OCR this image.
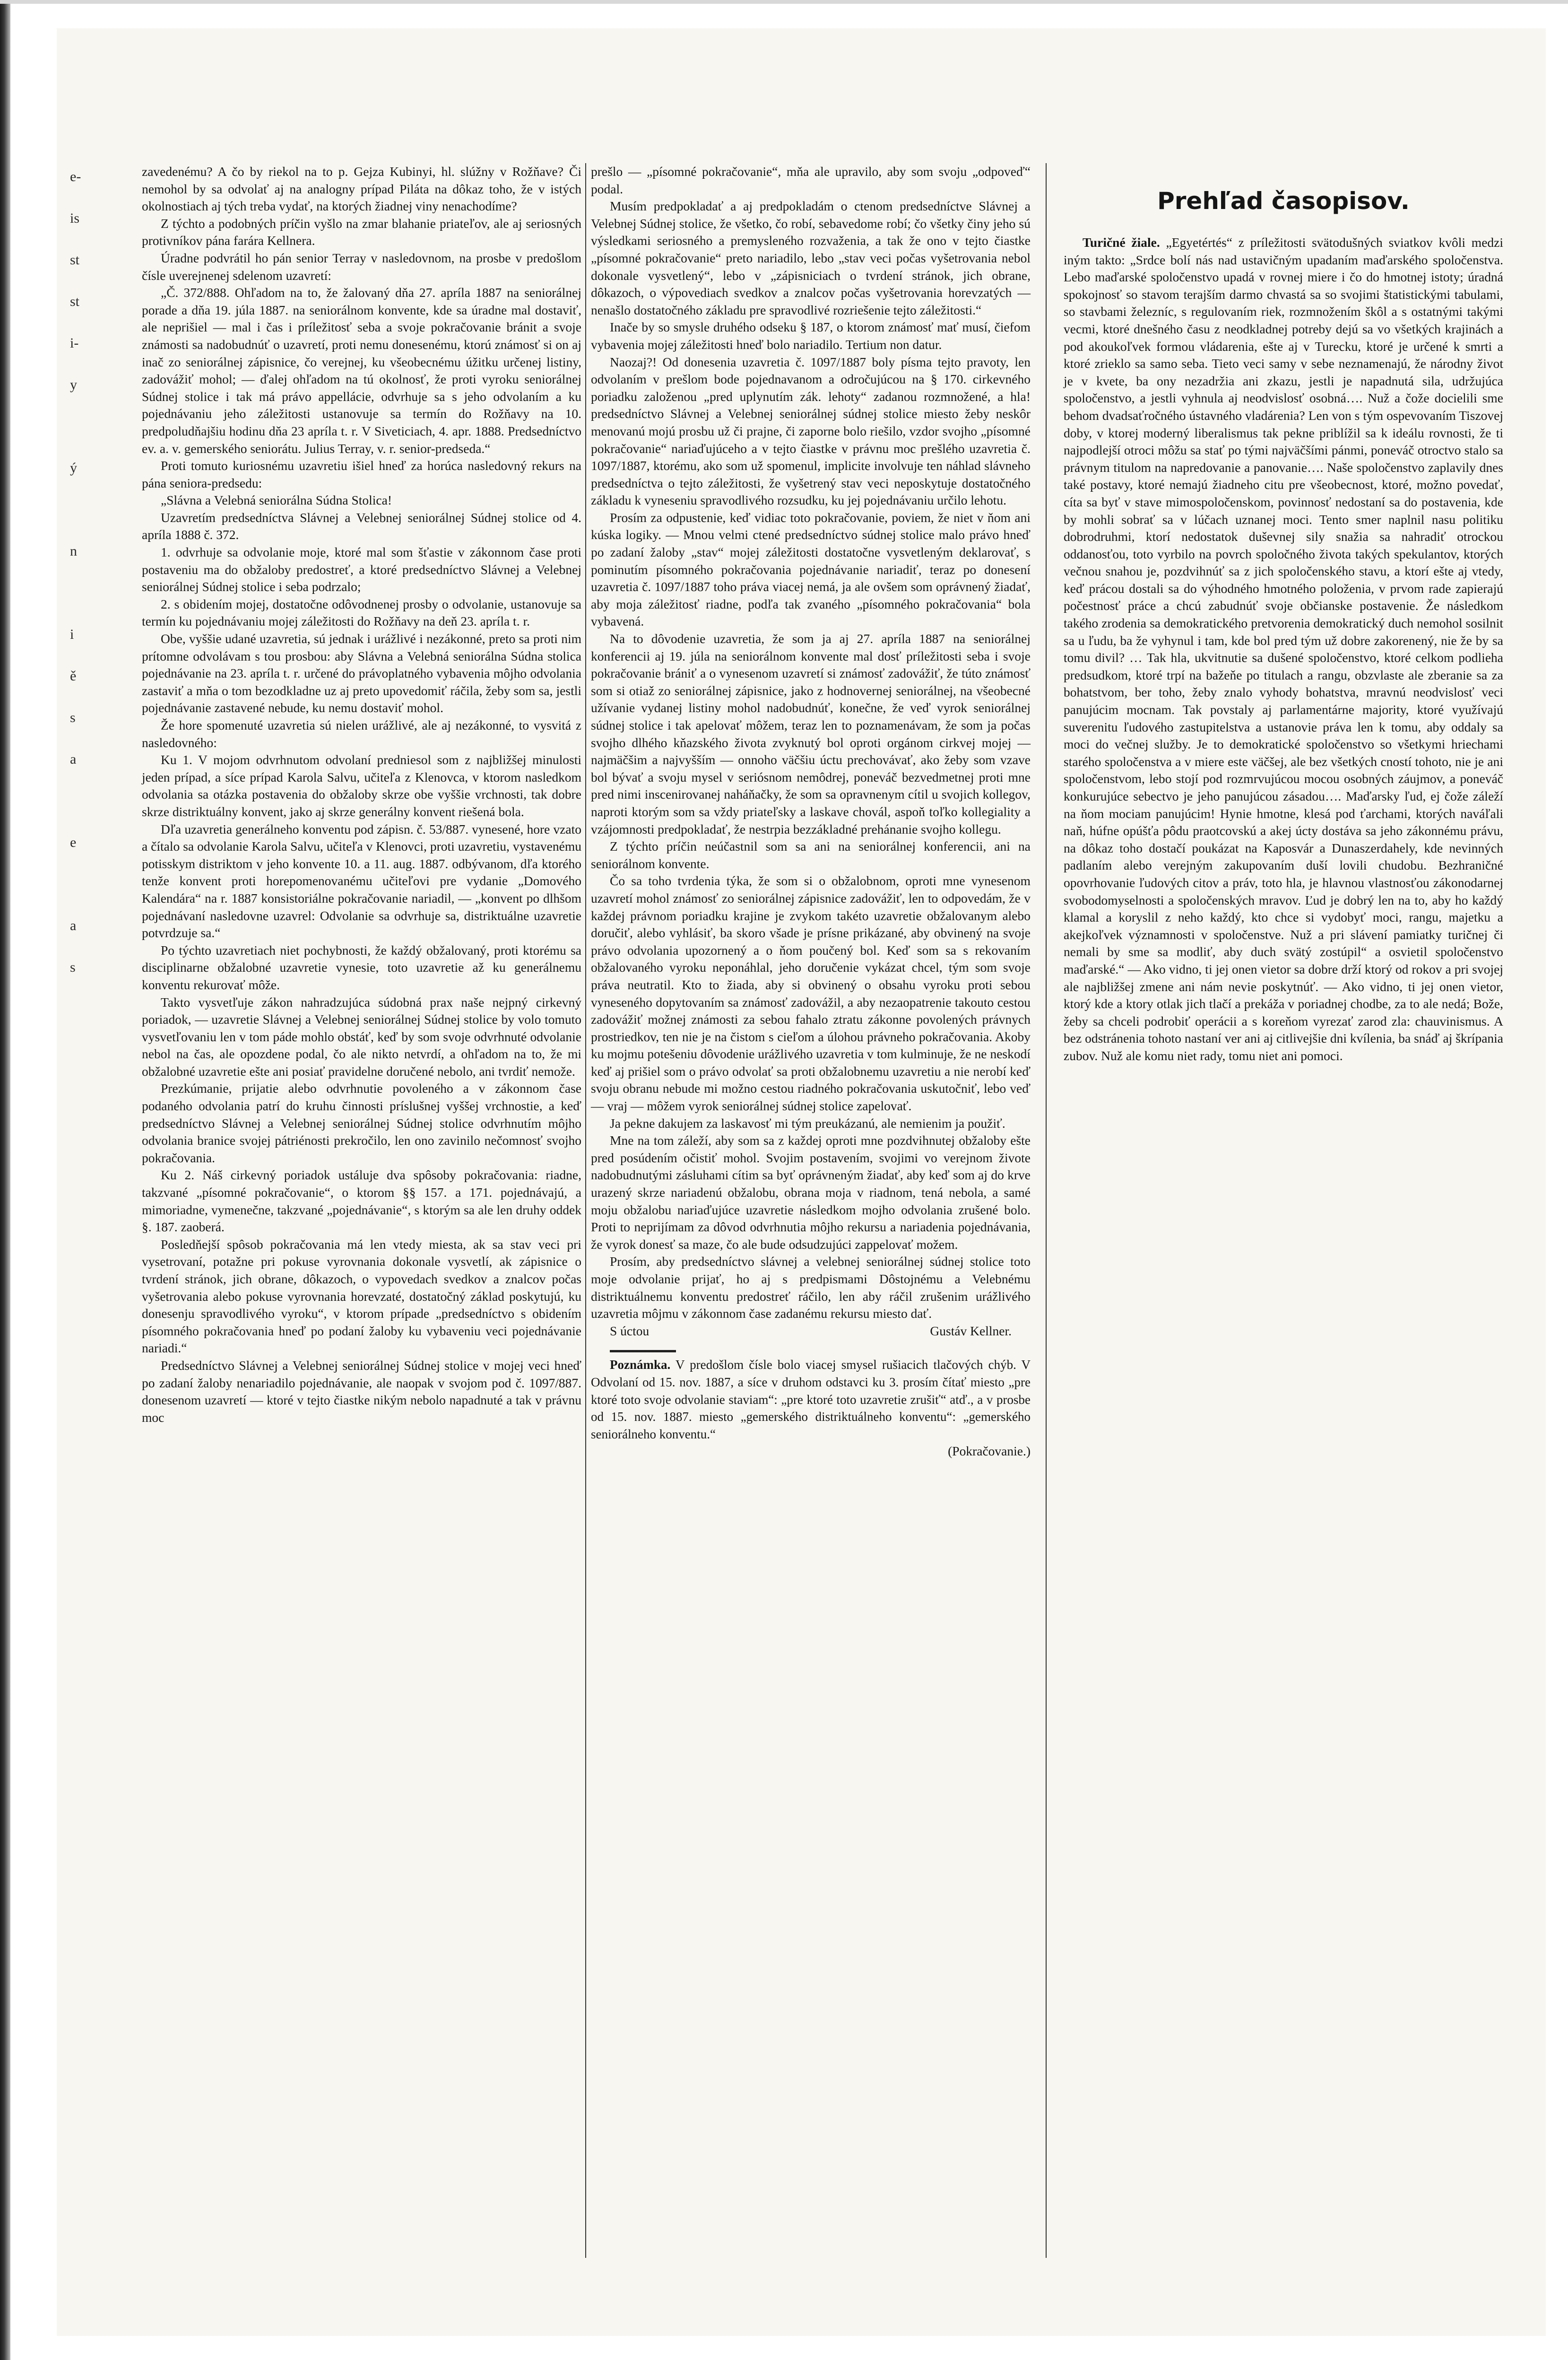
e-
is
st
st
i-
y
ý
n
i
ě
s
a
e
a
s

zavedenému? A čo by riekol na to p. Gejza Kubinyi, hl. slúžny v Rožňave? Či nemohol by sa odvolať aj na analogny prípad Piláta na dôkaz toho, že v istých okolnostiach aj tých treba vydať, na ktorých žiadnej viny nenachodíme?

Z týchto a podobných príčin vyšlo na zmar blahanie priateľov, ale aj seriosných protivníkov pána farára Kellnera.

Úradne podvrátil ho pán senior Terray v nasledovnom, na prosbe v predošlom čísle uverejnenej sdelenom uzavretí:

„Č. 372/888. Ohľadom na to, že žalovaný dňa 27. apríla 1887 na seniorálnej porade a dňa 19. júla 1887. na seniorálnom konvente, kde sa úradne mal dostaviť, ale neprišiel — mal i čas i príležitosť seba a svoje pokračovanie bránit a svoje známosti sa nadobudnúť o uzavretí, proti nemu donesenému, ktorú známosť si on aj inač zo seniorálnej zápisnice, čo verejnej, ku všeobecnému úžitku určenej listiny, zadovážiť mohol; — ďalej ohľadom na tú okolnosť, že proti vyroku seniorálnej Súdnej stolice i tak má právo appellácie, odvrhuje sa s jeho odvolaním a ku pojednávaniu jeho záležitosti ustanovuje sa termín do Rožňavy na 10. predpoludňajšiu hodinu dňa 23 apríla t. r. V Siveticiach, 4. apr. 1888. Predsedníctvo ev. a. v. gemerského seniorátu. Julius Terray, v. r. senior-predseda.“

Proti tomuto kuriosnému uzavretiu išiel hneď za horúca nasledovný rekurs na pána seniora-predsedu:

„Slávna a Velebná seniorálna Súdna Stolica!

Uzavretím predsedníctva Slávnej a Velebnej seniorálnej Súdnej stolice od 4. apríla 1888 č. 372.

1. odvrhuje sa odvolanie moje, ktoré mal som šťastie v zákonnom čase proti postaveniu ma do obžaloby predostreť, a ktoré predsedníctvo Slávnej a Velebnej seniorálnej Súdnej stolice i seba podrzalo;

2. s obidením mojej, dostatočne odôvodnenej prosby o odvolanie, ustanovuje sa termín ku pojednávaniu mojej záležitosti do Rožňavy na deň 23. apríla t. r.

Obe, vyššie udané uzavretia, sú jednak i urážlivé i nezákonné, preto sa proti nim prítomne odvolávam s tou prosbou: aby Slávna a Velebná seniorálna Súdna stolica pojednávanie na 23. apríla t. r. určené do právoplatného vybavenia môjho odvolania zastaviť a mňa o tom bezodkladne uz aj preto upovedomiť ráčila, žeby som sa, jestli pojednávanie zastavené nebude, ku nemu dostaviť mohol.

Že hore spomenuté uzavretia sú nielen urážlivé, ale aj nezákonné, to vysvitá z nasledovného:

Ku 1. V mojom odvrhnutom odvolaní predniesol som z najbližšej minulosti jeden prípad, a síce prípad Karola Salvu, učiteľa z Klenovca, v ktorom nasledkom odvolania sa otázka postavenia do obžaloby skrze obe vyššie vrchnosti, tak dobre skrze distriktuálny konvent, jako aj skrze generálny konvent riešená bola.

Dľa uzavretia generálneho konventu pod zápisn. č. 53/887. vynesené, hore vzato a čítalo sa odvolanie Karola Salvu, učiteľa v Klenovci, proti uzavretiu, vystavenému potisskym distriktom v jeho konvente 10. a 11. aug. 1887. odbývanom, dľa ktorého tenže konvent proti horepomenovanému učiteľovi pre vydanie „Domového Kalendára“ na r. 1887 konsistoriálne pokračovanie nariadil, — „konvent po dlhšom pojednávaní nasledovne uzavrel: Odvolanie sa odvrhuje sa, distriktuálne uzavretie potvrdzuje sa.“

Po týchto uzavretiach niet pochybnosti, že každý obžalovaný, proti ktorému sa disciplinarne obžalobné uzavretie vynesie, toto uzavretie až ku generálnemu konventu rekurovať môže.

Takto vysvetľuje zákon nahradzujúca súdobná prax naše nejpný cirkevný poriadok, — uzavretie Slávnej a Velebnej seniorálnej Súdnej stolice by volo tomuto vysvetľovaniu len v tom páde mohlo obstáť, keď by som svoje odvrhnuté odvolanie nebol na čas, ale opozdene podal, čo ale nikto netvrdí, a ohľadom na to, že mi obžalobné uzavretie ešte ani posiať pravidelne doručené nebolo, ani tvrdiť nemože.

Prezkúmanie, prijatie alebo odvrhnutie povoleného a v zákonnom čase podaného odvolania patrí do kruhu činnosti príslušnej vyššej vrchnostie, a keď predsedníctvo Slávnej a Velebnej seniorálnej Súdnej stolice odvrhnutím môjho odvolania branice svojej pátriénosti prekročilo, len ono zavinilo nečomnosť svojho pokračovania.

Ku 2. Náš cirkevný poriadok ustáluje dva spôsoby pokračovania: riadne, takzvané „písomné pokračovanie“, o ktorom §§ 157. a 171. pojednávajú, a mimoriadne, vymenečne, takzvané „pojednávanie“, s ktorým sa ale len druhy oddek §. 187. zaoberá.

Posledňejší spôsob pokračovania má len vtedy miesta, ak sa stav veci pri vysetrovaní, potažne pri pokuse vyrovnania dokonale vysvetlí, ak zápisnice o tvrdení stránok, jich obrane, dôkazoch, o vypovedach svedkov a znalcov počas vyšetrovania alebo pokuse vyrovnania horevzaté, dostatočný základ poskytujú, ku donesenju spravodlivého vyroku“, v ktorom prípade „predsedníctvo s obidením písomného pokračovania hneď po podaní žaloby ku vybaveniu veci pojednávanie nariadi.“

Predsedníctvo Slávnej a Velebnej seniorálnej Súdnej stolice v mojej veci hneď po zadaní žaloby nenariadilo pojednávanie, ale naopak v svojom pod č. 1097/887. donesenom uzavretí — ktoré v tejto čiastke nikým nebolo napadnuté a tak v právnu moc

prešlo — „písomné pokračovanie“, mňa ale upravilo, aby som svoju „odpoveď“ podal.

Musím predpokladať a aj predpokladám o ctenom predsedníctve Slávnej a Velebnej Súdnej stolice, že všetko, čo robí, sebavedome robí; čo všetky činy jeho sú výsledkami seriosného a premysleného rozvaženia, a tak že ono v tejto čiastke „písomné pokračovanie“ preto nariadilo, lebo „stav veci počas vyšetrovania nebol dokonale vysvetlený“, lebo v „zápisniciach o tvrdení stránok, jich obrane, dôkazoch, o výpovediach svedkov a znalcov počas vyšetrovania horevzatých — nenašlo dostatočného základu pre spravodlivé rozriešenie tejto záležitosti.“

Inače by so smysle druhého odseku § 187, o ktorom známosť mať musí, čiefom vybavenia mojej záležitosti hneď bolo nariadilo. Tertium non datur.

Naozaj?! Od donesenia uzavretia č. 1097/1887 boly písma tejto pravoty, len odvolaním v prešlom bode pojednavanom a odročujúcou na § 170. cirkevného poriadku založenou „pred uplynutím zák. lehoty“ zadanou rozmnožené, a hla! predsedníctvo Slávnej a Velebnej seniorálnej súdnej stolice miesto žeby neskôr menovanú mojú prosbu už či prajne, či zaporne bolo riešilo, vzdor svojho „písomné pokračovanie“ nariaďujúceho a v tejto čiastke v právnu moc prešlého uzavretia č. 1097/1887, ktorému, ako som už spomenul, implicite involvuje ten náhlad slávneho predsedníctva o tejto záležitosti, že vyšetrený stav veci neposkytuje dostatočného základu k vyneseniu spravodlivého rozsudku, ku jej pojednávaniu určilo lehotu.

Prosím za odpustenie, keď vidiac toto pokračovanie, poviem, že niet v ňom ani kúska logiky. — Mnou velmi ctené predsedníctvo súdnej stolice malo právo hneď po zadaní žaloby „stav“ mojej záležitosti dostatočne vysvetleným deklarovať, s pominutím písomného pokračovania pojednávanie nariadiť, teraz po donesení uzavretia č. 1097/1887 toho práva viacej nemá, ja ale ovšem som oprávnený žiadať, aby moja záležitosť riadne, podľa tak zvaného „písomného pokračovania“ bola vybavená.

Na to dôvodenie uzavretia, že som ja aj 27. apríla 1887 na seniorálnej konferencii aj 19. júla na seniorálnom konvente mal dosť príležitosti seba i svoje pokračovanie brániť a o vynesenom uzavretí si známosť zadovážiť, že túto známosť som si otiaž zo seniorálnej zápisnice, jako z hodnovernej seniorálnej, na všeobecné užívanie vydanej listiny mohol nadobudnúť, konečne, že veď vyrok seniorálnej súdnej stolice i tak apelovať môžem, teraz len to poznamenávam, že som ja počas svojho dlhého kňazského života zvyknutý bol oproti orgánom cirkvej mojej — najmäčšim a najvyšším — onnoho väčšiu úctu prechovávať, ako žeby som vzave bol bývať a svoju mysel v seriósnom nemôdrej, poneváč bezvedmetnej proti mne pred nimi inscenirovanej naháňačky, že som sa opravnenym cítil u svojich kollegov, naproti ktorým som sa vždy priateľsky a laskave chovál, aspoň toľko kollegiality a vzájomnosti predpokladať, že nestrpia bezzákladné prehánanie svojho kollegu.

Z týchto príčin neúčastnil som sa ani na seniorálnej konferencii, ani na seniorálnom konvente.

Čo sa toho tvrdenia týka, že som si o obžalobnom, oproti mne vynesenom uzavretí mohol známosť zo seniorálnej zápisnice zadovážiť, len to odpovedám, že v každej právnom poriadku krajine je zvykom takéto uzavretie obžalovanym alebo doručiť, alebo vyhlásiť, ba skoro všade je prísne prikázané, aby obvinený na svoje právo odvolania upozornený a o ňom poučený bol. Keď som sa s rekovaním obžalovaného vyroku neponáhlal, jeho doručenie vykázat chcel, tým som svoje práva neutratil. Kto to žiada, aby si obvinený o obsahu vyroku proti sebou vyneseného dopytovaním sa známosť zadovážil, a aby nezaopatrenie takouto cestou zadovážiť možnej známosti za sebou fahalo ztratu zákonne povolených právnych prostriedkov, ten nie je na čistom s cieľom a úlohou právneho pokračovania. Akoby ku mojmu potešeniu dôvodenie urážlivého uzavretia v tom kulminuje, že ne neskodí keď aj prišiel som o právo odvolať sa proti obžalobnemu uzavretiu a nie nerobí keď svoju obranu nebude mi možno cestou riadného pokračovania uskutočniť, lebo veď — vraj — môžem vyrok seniorálnej súdnej stolice zapelovať.

Ja pekne dakujem za laskavosť mi tým preukázanú, ale nemienim ja použiť.

Mne na tom záleží, aby som sa z každej oproti mne pozdvihnutej obžaloby ešte pred posúdením očistiť mohol. Svojim postavením, svojimi vo verejnom živote nadobudnutými zásluhami cítim sa byť oprávneným žiadať, aby keď som aj do krve urazený skrze nariadenú obžalobu, obrana moja v riadnom, tená nebola, a samé moju obžalobu nariaďujúce uzavretie následkom mojho odvolania zrušené bolo. Proti to neprijímam za dôvod odvrhnutia môjho rekursu a nariadenia pojednávania, že vyrok donesť sa maze, čo ale bude odsudzujúci zappelovať možem.

Prosím, aby predsedníctvo slávnej a velebnej seniorálnej súdnej stolice toto moje odvolanie prijať, ho aj s predpismami Dôstojnému a Velebnému distriktuálnemu konventu predostreť ráčilo, len aby ráčil zrušenim urážlivého uzavretia môjmu v zákonnom čase zadanému rekursu miesto dať.

S úctou	Gustáv Kellner.

Poznámka. V predošlom čísle bolo viacej smysel rušiacich tlačových chýb. V Odvolaní od 15. nov. 1887, a síce v druhom odstavci ku 3. prosím čítať miesto „pre ktoré toto svoje odvolanie staviam“: „pre ktoré toto uzavretie zrušiť“ atď., a v prosbe od 15. nov. 1887. miesto „gemerského distriktuálneho konventu“: „gemerského seniorálneho konventu.“

(Pokračovanie.)

Prehľad časopisov.

Turičné žiale. „Egyetértés“ z príležitosti svätodušných sviatkov kvôli medzi iným takto: „Srdce bolí nás nad ustavičným upadaním maďarského spoločenstva. Lebo maďarské spoločenstvo upadá v rovnej miere i čo do hmotnej istoty; úradná spokojnosť so stavom terajším darmo chvastá sa so svojimi štatistickými tabulami, so stavbami železníc, s regulovaním riek, rozmnožením škôl a s ostatnými takými vecmi, ktoré dnešného času z neodkladnej potreby dejú sa vo všetkých krajinách a pod akoukoľvek formou vládarenia, ešte aj v Turecku, ktoré je určené k smrti a ktoré zrieklo sa samo seba. Tieto veci samy v sebe neznamenajú, že národny život je v kvete, ba ony nezadržia ani zkazu, jestli je napadnutá sila, udržujúca spoločenstvo, a jestli vyhnula aj neodvislosť osobná…. Nuž a čože docielili sme behom dvadsaťročného ústavného vladárenia? Len von s tým ospevovaním Tiszovej doby, v ktorej moderný liberalismus tak pekne priblížil sa k ideálu rovnosti, že ti najpodlejší otroci môžu sa stať po tými najväčšími pánmi, poneváč otroctvo stalo sa právnym titulom na napredovanie a panovanie…. Naše spoločenstvo zaplavily dnes také postavy, ktoré nemajú žiadneho citu pre všeobecnost, ktoré, možno povedať, cíta sa byť v stave mimospoločenskom, povinnosť nedostaní sa do postavenia, kde by mohli sobrať sa v lúčach uznanej moci. Tento smer naplnil nasu politiku dobrodruhmi, ktorí nedostatok duševnej sily snažia sa nahradiť otrockou oddanosťou, toto vyrbilo na povrch spoločného života takých spekulantov, ktorých večnou snahou je, pozdvihnúť sa z jich spoločenského stavu, a ktorí ešte aj vtedy, keď prácou dostali sa do výhodného hmotného položenia, v prvom rade zapierajú počestnosť práce a chcú zabudnúť svoje občianske postavenie. Že následkom takého zrodenia sa demokratického pretvorenia demokratický duch nemohol sosilnit sa u ľudu, ba že vyhynul i tam, kde bol pred tým už dobre zakorenený, nie že by sa tomu divil? … Tak hla, ukvitnutie sa dušené spoločenstvo, ktoré celkom podlieha predsudkom, ktoré trpí na bažeňe po titulach a rangu, obzvlaste ale zberanie sa za bohatstvom, ber toho, žeby znalo vyhody bohatstva, mravnú neodvislosť veci panujúcim mocnam. Tak povstaly aj parlamentárne majority, ktoré využívajú suverenitu ľudového zastupitelstva a ustanovie práva len k tomu, aby oddaly sa moci do večnej služby. Je to demokratické spoločenstvo so všetkymi hriechami starého spoločenstva a v miere este väčšej, ale bez všetkých cností tohoto, nie je ani spoločenstvom, lebo stojí pod rozmrvujúcou mocou osobných záujmov, a poneváč konkurujúce sebectvo je jeho panujúcou zásadou…. Maďarsky ľud, ej čože záleží na ňom mociam panujúcim! Hynie hmotne, klesá pod ťarchami, ktorých naváľali naň, húfne opúšťa pôdu praotcovskú a akej úcty dostáva sa jeho zákonnému právu, na dôkaz toho dostačí poukázat na Kaposvár a Dunaszerdahely, kde nevinných padlaním alebo verejným zakupovaním duší lovili chudobu. Bezhraničné opovrhovanie ľudových citov a práv, toto hla, je hlavnou vlastnosťou zákonodarnej svobodomyselnosti a spoločenských mravov. Ľud je dobrý len na to, aby ho každý klamal a koryslil z neho každý, kto chce si vydobyť moci, rangu, majetku a akejkoľvek významnosti v spoločenstve. Nuž a pri slávení pamiatky turičnej či nemali by sme sa modliť, aby duch svätý zostúpil“ a osvietil spoločenstvo maďarské.“ — Ako vidno, ti jej onen vietor sa dobre drží ktorý od rokov a pri svojej ale najbližšej zmene ani nám nevie poskytnúť. — Ako vidno, ti jej onen vietor, ktorý kde a ktory otlak jich tlačí a prekáža v poriadnej chodbe, za to ale nedá; Bože, žeby sa chceli podrobiť operácii a s koreňom vyrezať zarod zla: chauvinismus. A bez odstránenia tohoto nastaní ver ani aj citlivejšie dni kvílenia, ba snáď aj škrípania zubov. Nuž ale komu niet rady, tomu niet ani pomoci.
